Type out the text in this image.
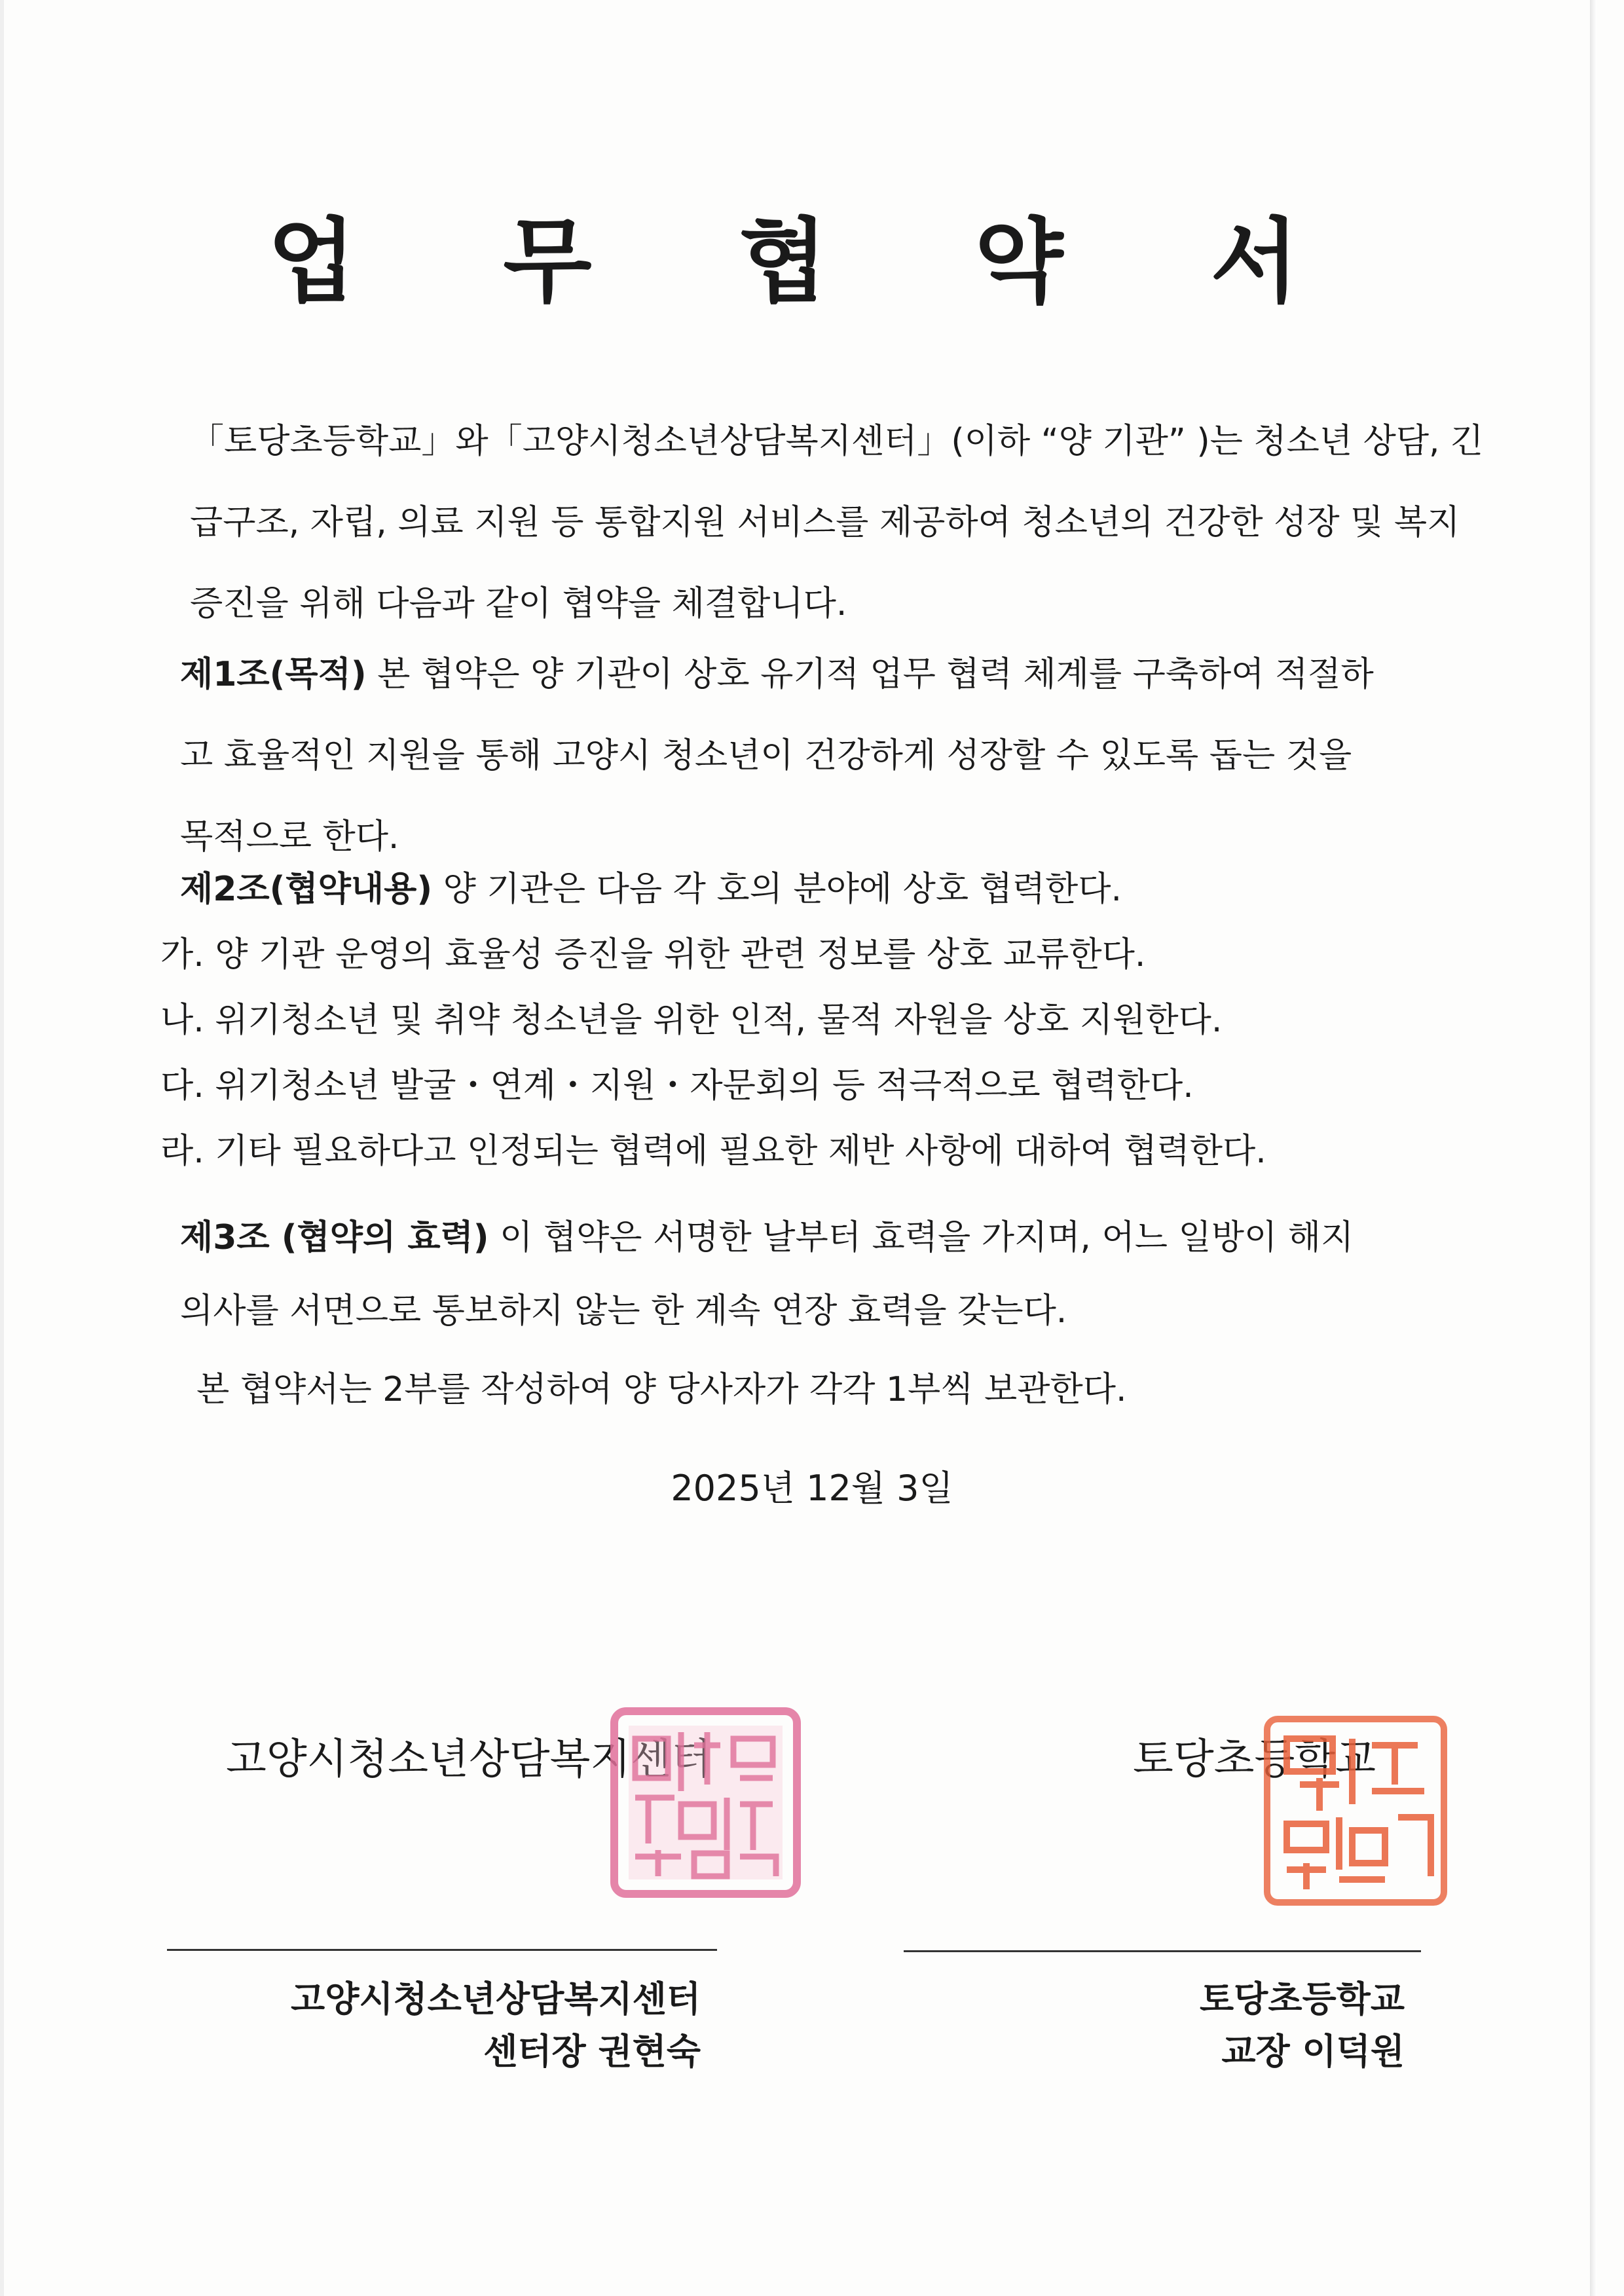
업 무 협 약 서
「토당초등학교」와「고양시청소년상담복지센터」(이하 “양 기관” )는 청소년 상담, 긴
급구조, 자립, 의료 지원 등 통합지원 서비스를 제공하여 청소년의 건강한 성장 및 복지
증진을 위해 다음과 같이 협약을 체결합니다.
제1조(목적) 본 협약은 양 기관이 상호 유기적 업무 협력 체계를 구축하여 적절하
고 효율적인 지원을 통해 고양시 청소년이 건강하게 성장할 수 있도록 돕는 것을
목적으로 한다.
제2조(협약내용) 양 기관은 다음 각 호의 분야에 상호 협력한다.
가. 양 기관 운영의 효율성 증진을 위한 관련 정보를 상호 교류한다.
나. 위기청소년 및 취약 청소년을 위한 인적, 물적 자원을 상호 지원한다.
다. 위기청소년 발굴・연계・지원・자문회의 등 적극적으로 협력한다.
라. 기타 필요하다고 인정되는 협력에 필요한 제반 사항에 대하여 협력한다.
제3조 (협약의 효력) 이 협약은 서명한 날부터 효력을 가지며, 어느 일방이 해지
의사를 서면으로 통보하지 않는 한 계속 연장 효력을 갖는다.
본 협약서는 2부를 작성하여 양 당사자가 각각 1부씩 보관한다.
2025년 12월 3일
고양시청소년상담복지센터	토당초등학교
고양시청소년상담복지센터
센터장 권현숙
토당초등학교
교장 이덕원
